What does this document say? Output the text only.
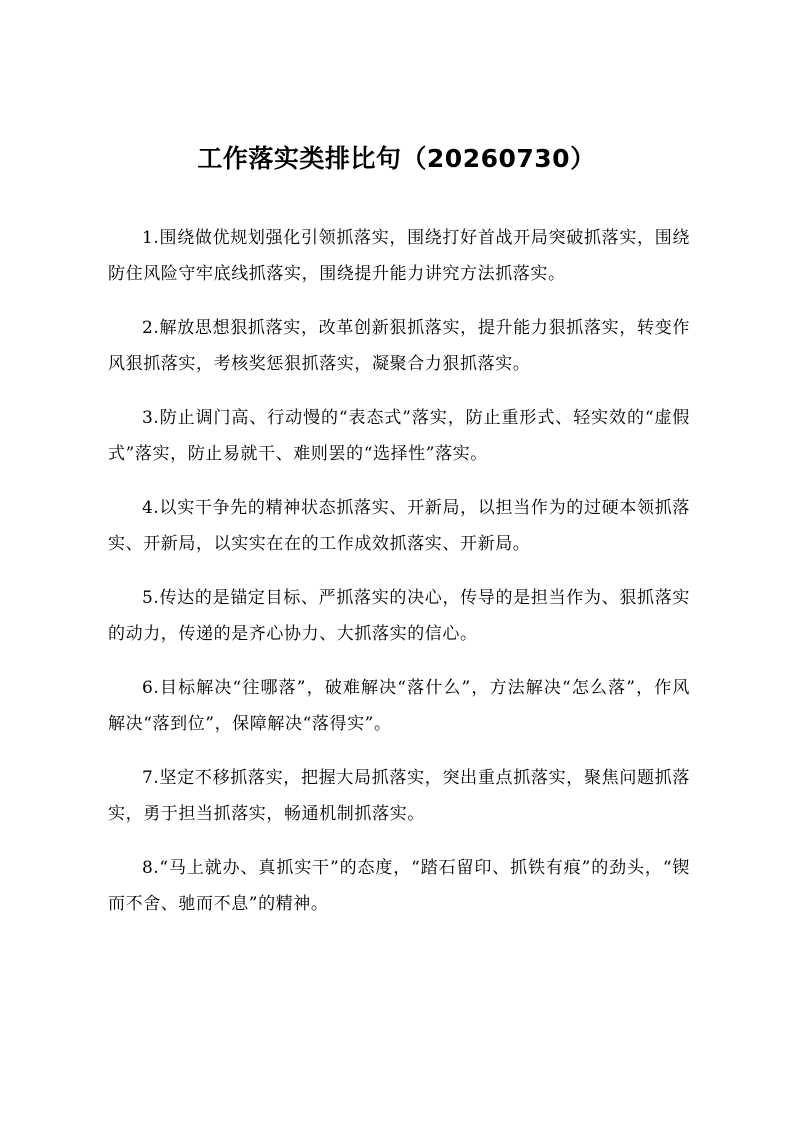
工作落实类排比句（20260730）

1.围绕做优规划强化引领抓落实，围绕打好首战开局突破抓落实，围绕防住风险守牢底线抓落实，围绕提升能力讲究方法抓落实。

2.解放思想狠抓落实，改革创新狠抓落实，提升能力狠抓落实，转变作风狠抓落实，考核奖惩狠抓落实，凝聚合力狠抓落实。

3.防止调门高、行动慢的“表态式”落实，防止重形式、轻实效的“虚假式”落实，防止易就干、难则罢的“选择性”落实。

4.以实干争先的精神状态抓落实、开新局，以担当作为的过硬本领抓落实、开新局，以实实在在的工作成效抓落实、开新局。

5.传达的是锚定目标、严抓落实的决心，传导的是担当作为、狠抓落实的动力，传递的是齐心协力、大抓落实的信心。

6.目标解决“往哪落”，破难解决“落什么”，方法解决“怎么落”，作风解决“落到位”，保障解决“落得实”。

7.坚定不移抓落实，把握大局抓落实，突出重点抓落实，聚焦问题抓落实，勇于担当抓落实，畅通机制抓落实。

8.“马上就办、真抓实干”的态度，“踏石留印、抓铁有痕”的劲头，“锲而不舍、驰而不息”的精神。
